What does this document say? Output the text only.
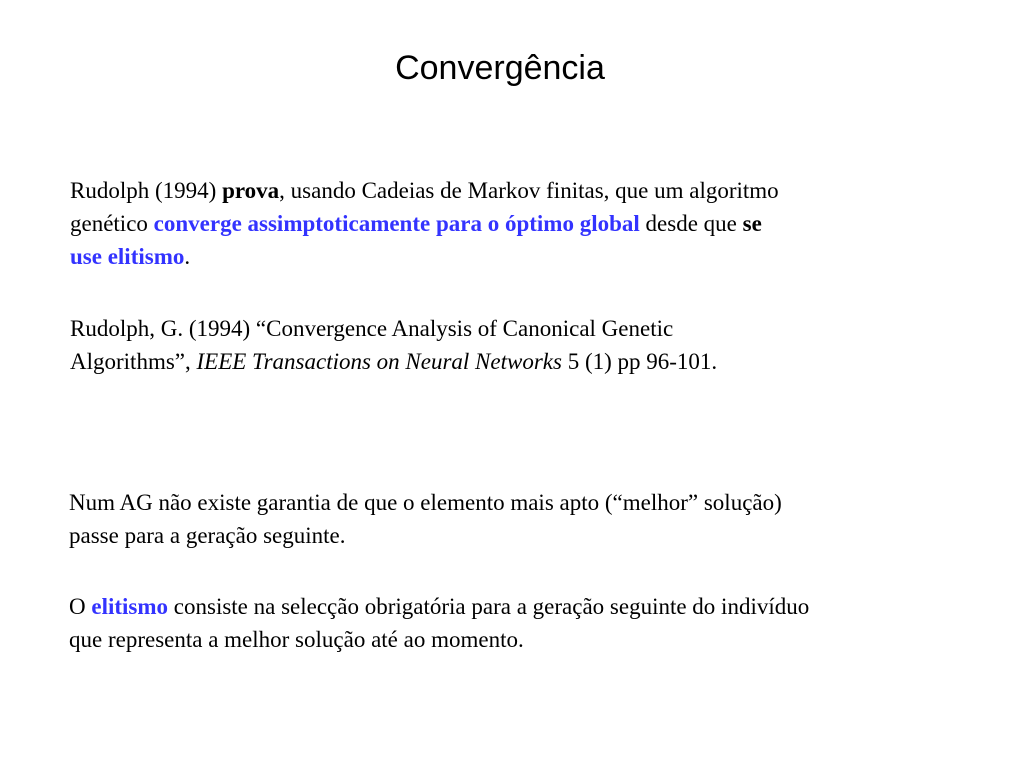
Convergência
Rudolph (1994) prova, usando Cadeias de Markov finitas, que um algoritmo
genético converge assimptoticamente para o óptimo global desde que se
use elitismo.
Rudolph, G. (1994) “Convergence Analysis of Canonical Genetic
Algorithms”, IEEE Transactions on Neural Networks 5 (1) pp 96-101.
Num AG não existe garantia de que o elemento mais apto (“melhor” solução)
passe para a geração seguinte.
O elitismo consiste na selecção obrigatória para a geração seguinte do indivíduo
que representa a melhor solução até ao momento.
